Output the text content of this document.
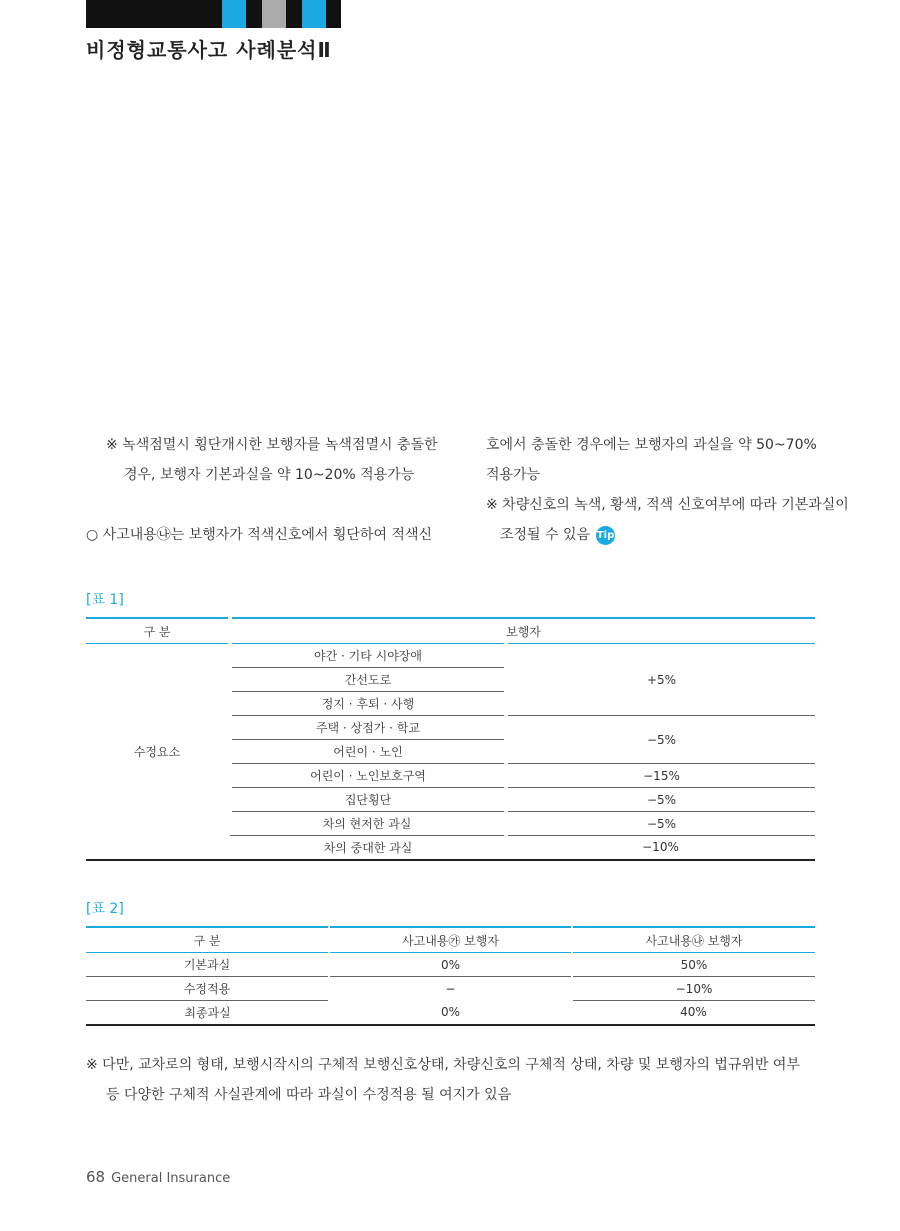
비정형교통사고 사례분석Ⅱ

※ 녹색점멸시 횡단개시한 보행자를 녹색점멸시 충돌한

경우, 보행자 기본과실을 약 10~20% 적용가능

○ 사고내용㉯는 보행자가 적색신호에서 횡단하여 적색신

호에서 충돌한 경우에는 보행자의 과실을 약 50~70%

적용가능

※ 차량신호의 녹색, 황색, 적색 신호여부에 따라 기본과실이

조정될 수 있음 Tip

[표 1]
구 분	보행자	
수정요소	야간 · 기타 시야장애	+5%
	간선도로	
	정지 · 후퇴 · 사행	
	주택 · 상점가 · 학교	−5%
	어린이 · 노인	
	어린이 · 노인보호구역	−15%
	집단횡단	−5%
	차의 현저한 과실	−5%
	차의 중대한 과실	−10%
[표 2]
구 분	사고내용㉮ 보행자	사고내용㉯ 보행자
기본과실	0%	50%
수정적용	−	−10%
최종과실	0%	40%

※ 다만, 교차로의 형태, 보행시작시의 구체적 보행신호상태, 차량신호의 구체적 상태, 차량 및 보행자의 법규위반 여부

등 다양한 구체적 사실관계에 따라 과실이 수정적용 될 여지가 있음

68 General Insurance
